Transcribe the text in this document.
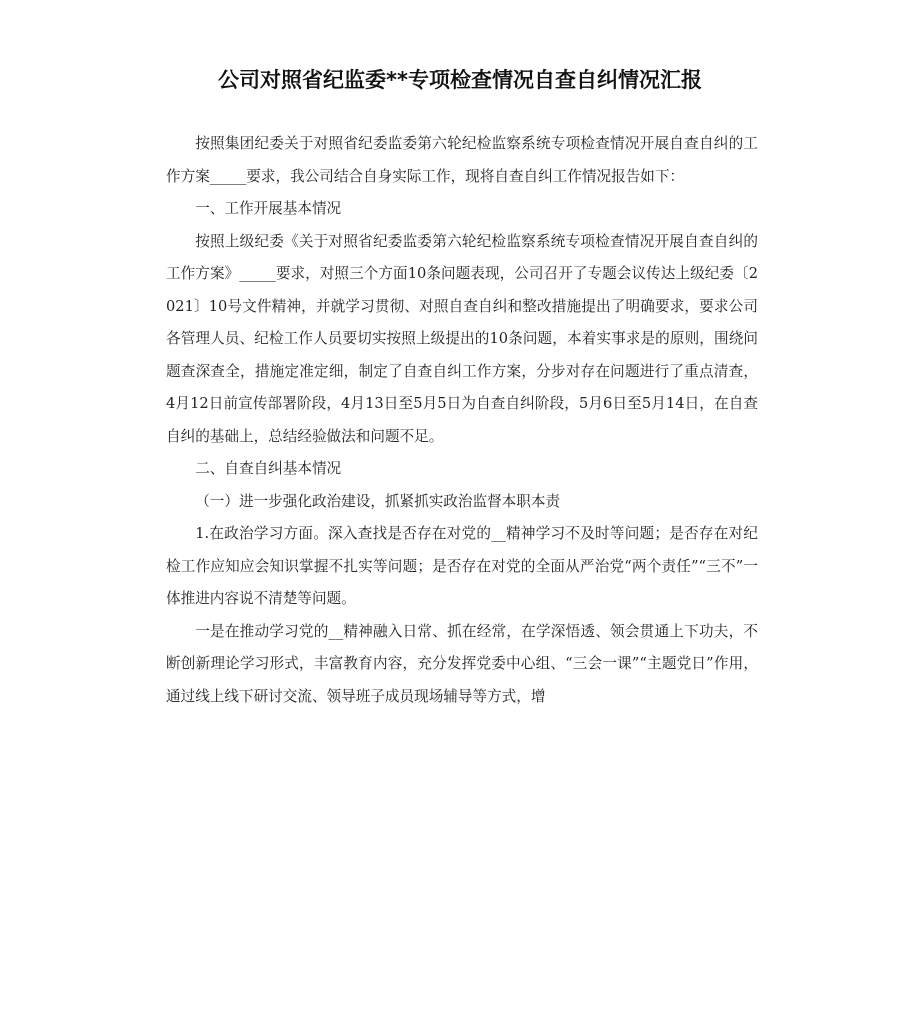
公司对照省纪监委**专项检查情况自查自纠情况汇报

按照集团纪委关于对照省纪委监委第六轮纪检监察系统专项检查情况开展自查自纠的工作方案_____要求，我公司结合自身实际工作，现将自查自纠工作情况报告如下：

一、工作开展基本情况

按照上级纪委《关于对照省纪委监委第六轮纪检监察系统专项检查情况开展自查自纠的工作方案》_____要求，对照三个方面10条问题表现，公司召开了专题会议传达上级纪委〔2021〕10号文件精神，并就学习贯彻、对照自查自纠和整改措施提出了明确要求，要求公司各管理人员、纪检工作人员要切实按照上级提出的10条问题，本着实事求是的原则，围绕问题查深查全，措施定准定细，制定了自查自纠工作方案，分步对存在问题进行了重点清查，4月12日前宣传部署阶段，4月13日至5月5日为自查自纠阶段，5月6日至5月14日，在自查自纠的基础上，总结经验做法和问题不足。

二、自查自纠基本情况

（一）进一步强化政治建设，抓紧抓实政治监督本职本责

1.在政治学习方面。深入查找是否存在对党的__精神学习不及时等问题；是否存在对纪检工作应知应会知识掌握不扎实等问题；是否存在对党的全面从严治党“两个责任”“三不”一体推进内容说不清楚等问题。

一是在推动学习党的__精神融入日常、抓在经常，在学深悟透、领会贯通上下功夫，不断创新理论学习形式，丰富教育内容，充分发挥党委中心组、“三会一课”“主题党日”作用，通过线上线下研讨交流、领导班子成员现场辅导等方式，增
